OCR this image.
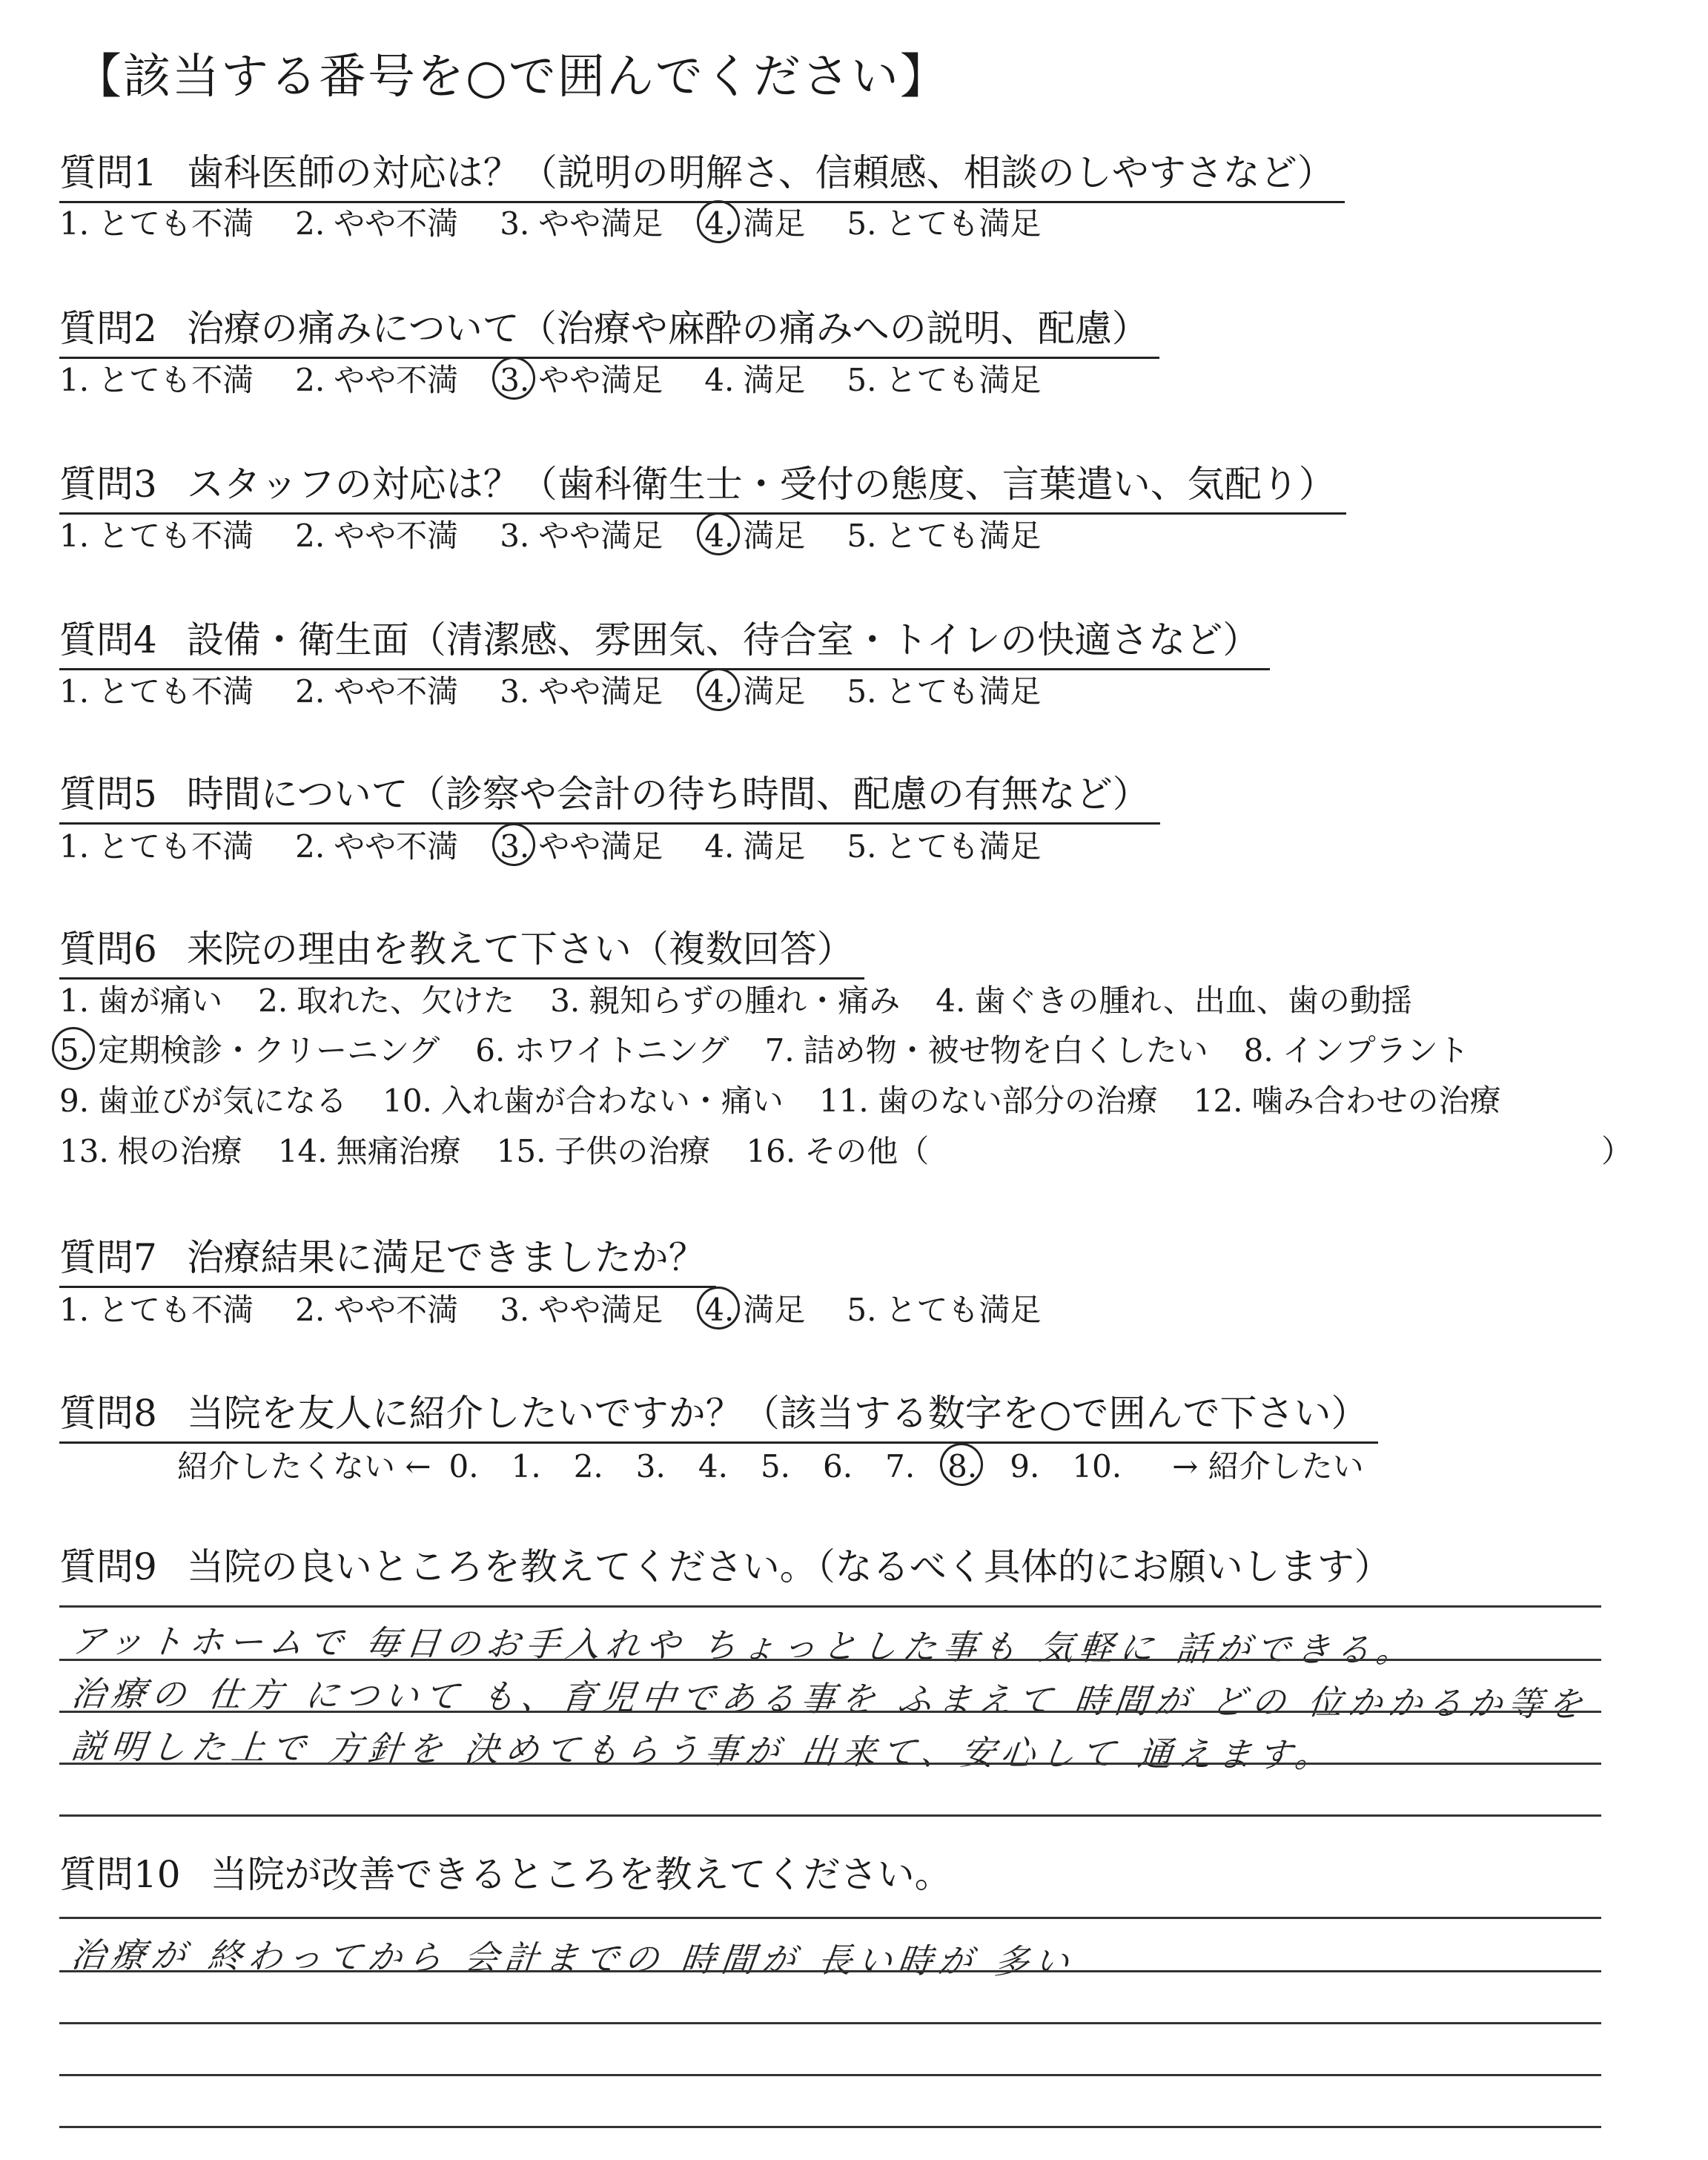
【該当する番号を○で囲んでください】
質問1 歯科医師の対応は？（説明の明解さ、信頼感、相談のしやすさなど）
1. とても不満 2. やや不満 3. やや満足 4. 満足 5. とても満足
質問2 治療の痛みについて（治療や麻酔の痛みへの説明、配慮）
1. とても不満 2. やや不満 3. やや満足 4. 満足 5. とても満足
質問3 スタッフの対応は？（歯科衛生士・受付の態度、言葉遣い、気配り）
1. とても不満 2. やや不満 3. やや満足 4. 満足 5. とても満足
質問4 設備・衛生面（清潔感、雰囲気、待合室・トイレの快適さなど）
1. とても不満 2. やや不満 3. やや満足 4. 満足 5. とても満足
質問5 時間について（診察や会計の待ち時間、配慮の有無など）
1. とても不満 2. やや不満 3. やや満足 4. 満足 5. とても満足
質問6 来院の理由を教えて下さい（複数回答）
1. 歯が痛い 2. 取れた、欠けた 3. 親知らずの腫れ・痛み 4. 歯ぐきの腫れ、出血、歯の動揺
5. 定期検診・クリーニング 6. ホワイトニング 7. 詰め物・被せ物を白くしたい 8. インプラント
9. 歯並びが気になる 10. 入れ歯が合わない・痛い 11. 歯のない部分の治療 12. 噛み合わせの治療
13. 根の治療 14. 無痛治療 15. 子供の治療 16. その他（	）
質問7 治療結果に満足できましたか？
1. とても不満 2. やや不満 3. やや満足 4. 満足 5. とても満足
質問8 当院を友人に紹介したいですか？（該当する数字を○で囲んで下さい）
紹介したくない ← 0. 1. 2. 3. 4. 5. 6. 7. 8. 9. 10. → 紹介したい
質問9 当院の良いところを教えてください。（なるべく具体的にお願いします）
アットホームで 毎日のお手入れや ちょっとした事も 気軽に 話ができる。
治療の 仕方 について も、育児中である事を ふまえて 時間が どの 位かかるか等を
説明した上で 方針を 決めてもらう事が 出来て、安心して 通えます。
質問10 当院が改善できるところを教えてください。
治療が 終わってから 会計までの 時間が 長い時が 多い
